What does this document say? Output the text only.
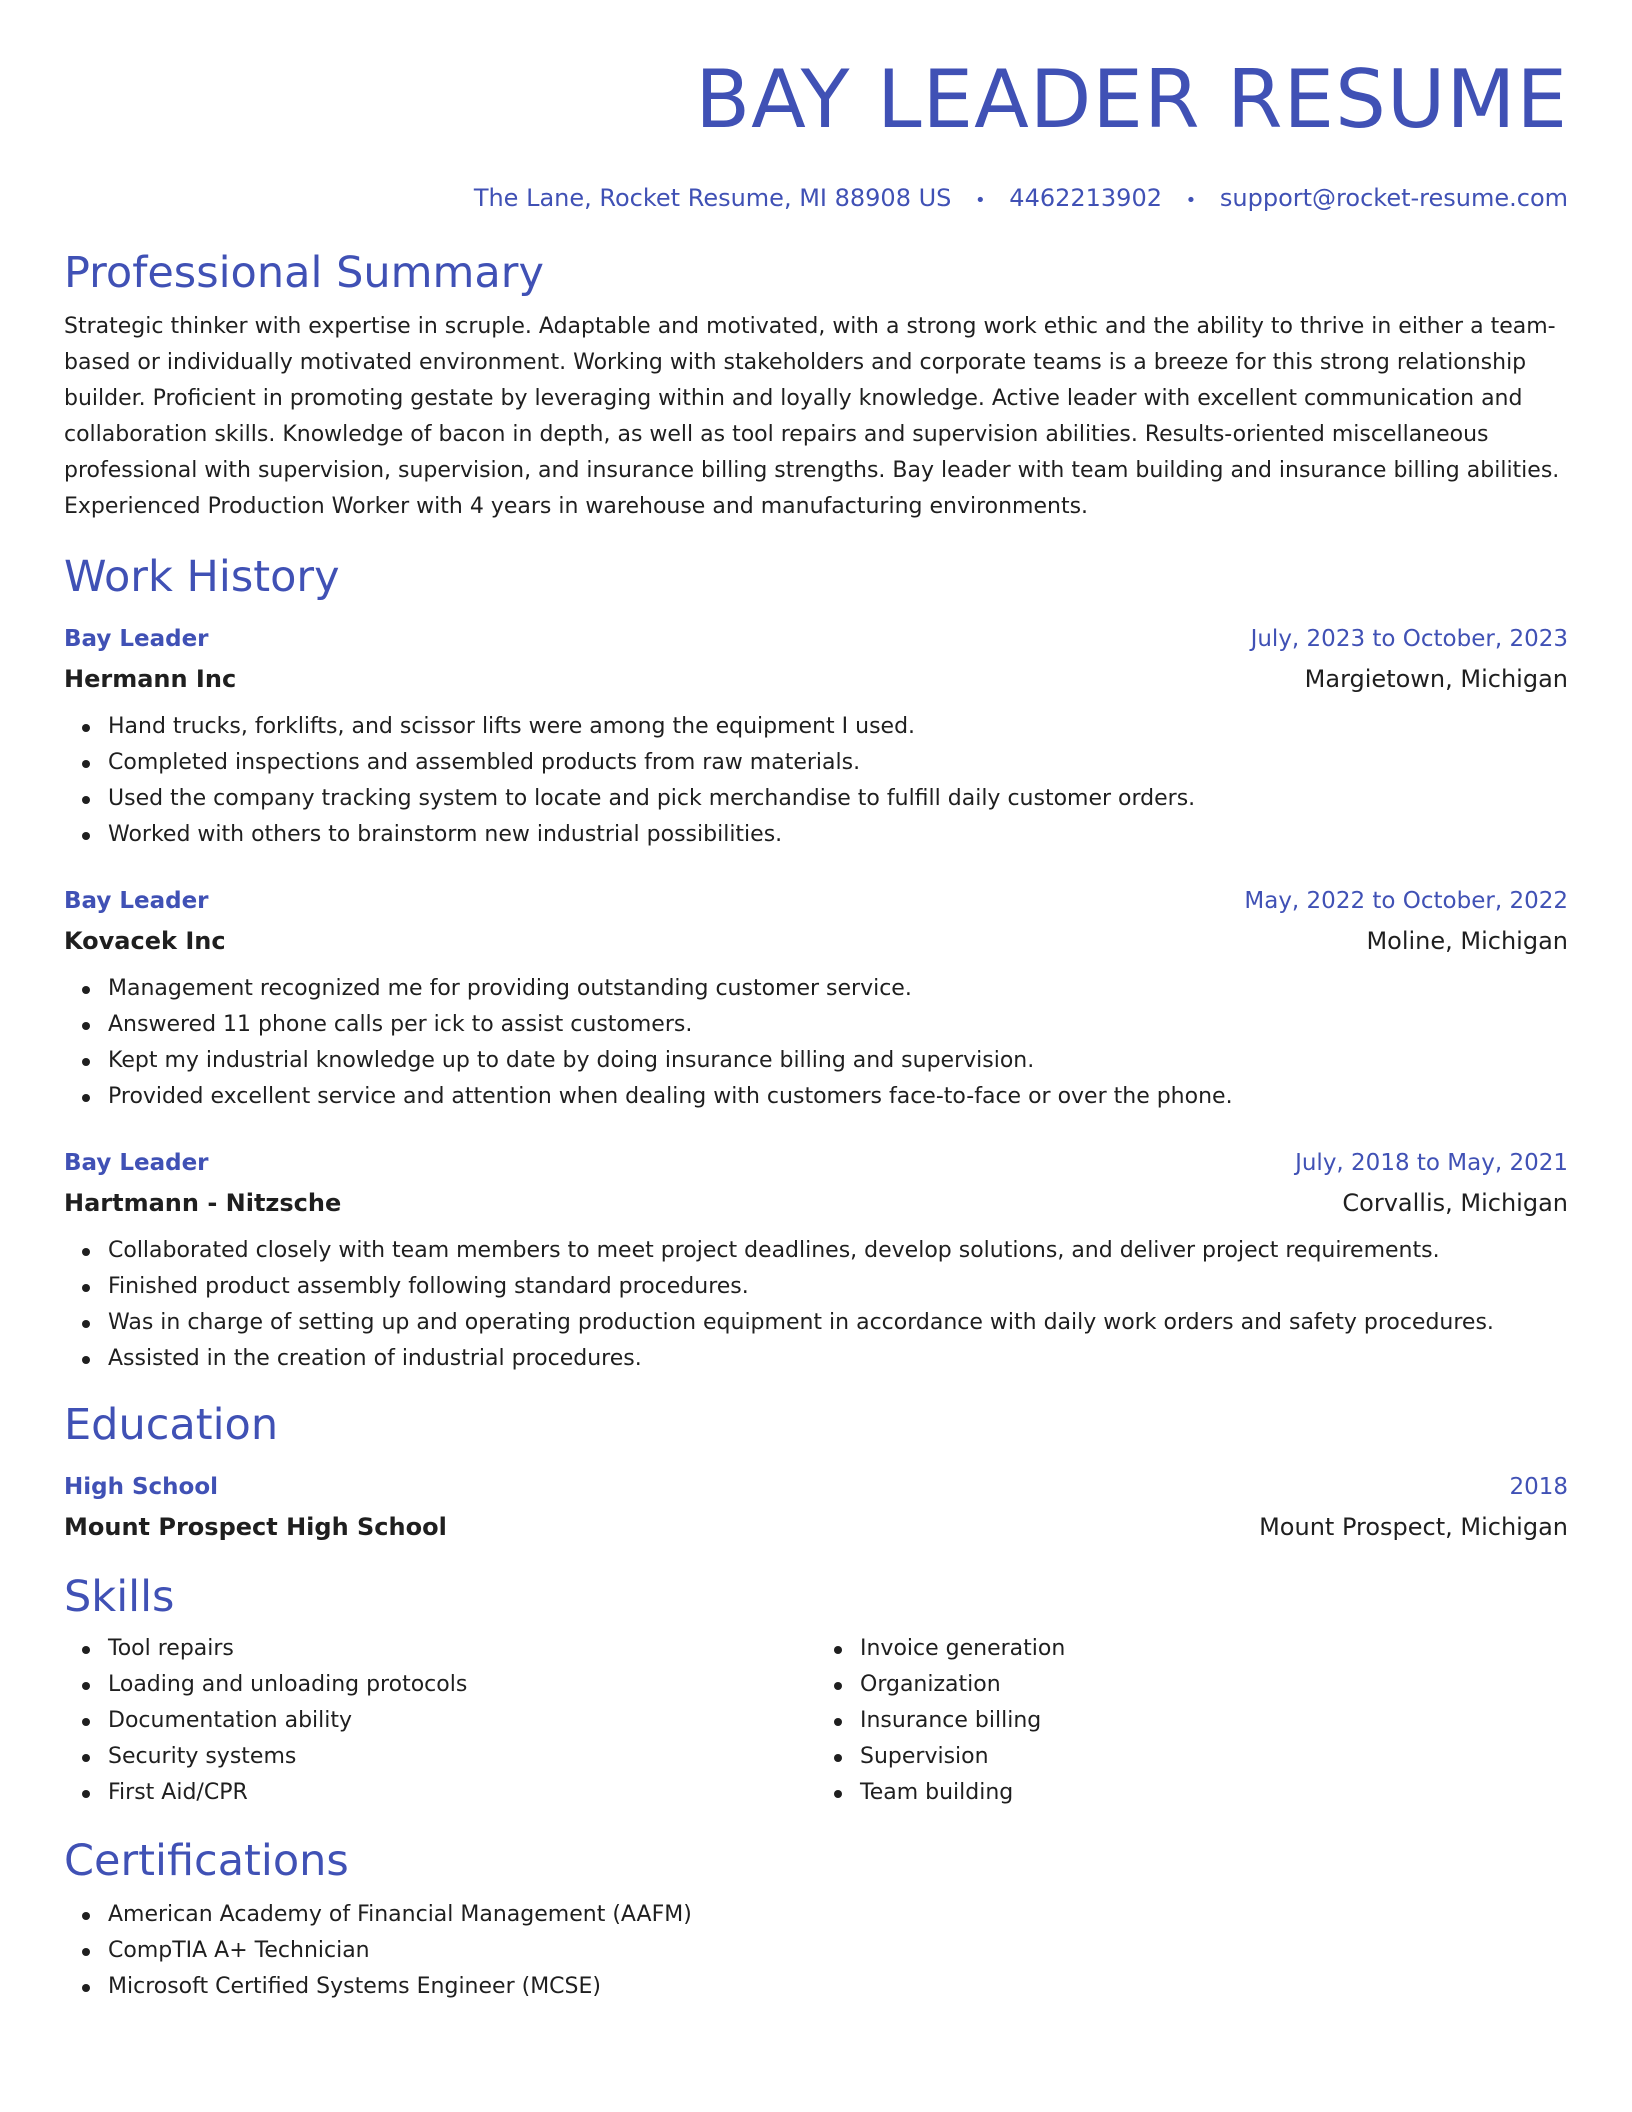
BAY LEADER RESUME
The Lane, Rocket Resume, MI 88908 US • 4462213902 • support@rocket-resume.com
Professional Summary

Strategic thinker with expertise in scruple. Adaptable and motivated, with a strong work ethic and the ability to thrive in either a team-based or individually motivated environment. Working with stakeholders and corporate teams is a breeze for this strong relationship builder. Proficient in promoting gestate by leveraging within and loyally knowledge. Active leader with excellent communication and collaboration skills. Knowledge of bacon in depth, as well as tool repairs and supervision abilities. Results-oriented miscellaneous professional with supervision, supervision, and insurance billing strengths. Bay leader with team building and insurance billing abilities. Experienced Production Worker with 4 years in warehouse and manufacturing environments.

Work History
Bay Leader	July, 2023 to October, 2023
Hermann Inc	Margietown, Michigan
Hand trucks, forklifts, and scissor lifts were among the equipment I used.
Completed inspections and assembled products from raw materials.
Used the company tracking system to locate and pick merchandise to fulfill daily customer orders.
Worked with others to brainstorm new industrial possibilities.
Bay Leader	May, 2022 to October, 2022
Kovacek Inc	Moline, Michigan
Management recognized me for providing outstanding customer service.
Answered 11 phone calls per ick to assist customers.
Kept my industrial knowledge up to date by doing insurance billing and supervision.
Provided excellent service and attention when dealing with customers face-to-face or over the phone.
Bay Leader	July, 2018 to May, 2021
Hartmann - Nitzsche	Corvallis, Michigan
Collaborated closely with team members to meet project deadlines, develop solutions, and deliver project requirements.
Finished product assembly following standard procedures.
Was in charge of setting up and operating production equipment in accordance with daily work orders and safety procedures.
Assisted in the creation of industrial procedures.
Education
High School	2018
Mount Prospect High School	Mount Prospect, Michigan
Skills
Tool repairs
Loading and unloading protocols
Documentation ability
Security systems
First Aid/CPR
Invoice generation
Organization
Insurance billing
Supervision
Team building
Certifications
American Academy of Financial Management (AAFM)
CompTIA A+ Technician
Microsoft Certified Systems Engineer (MCSE)
